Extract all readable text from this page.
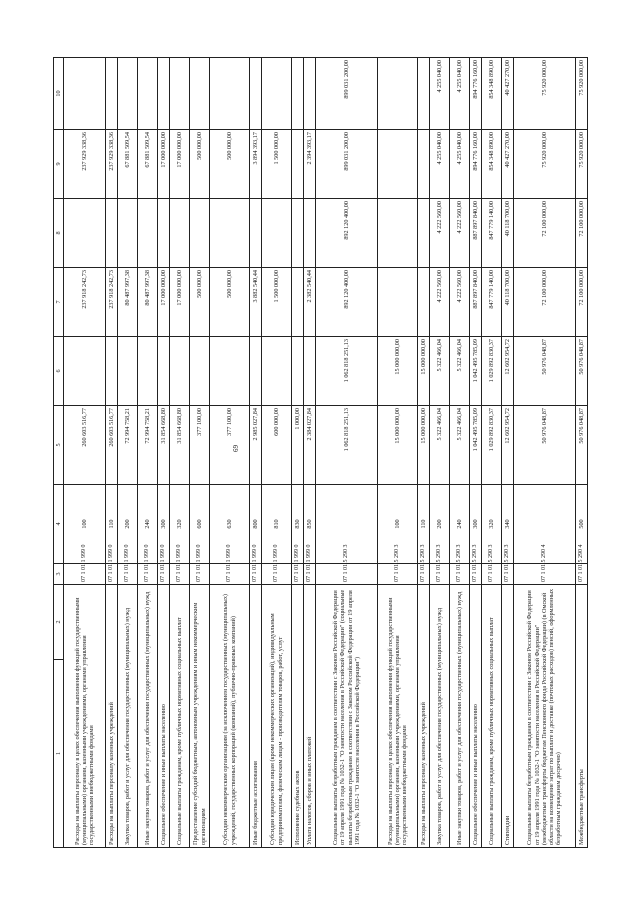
69
1	2	3	4	5	6	7	8	9	10
Расходы на выплаты персоналу в целях обеспечения выполнения функций государственными (муниципальными) органами, казенными учреждениями, органами управления государственными внебюджетными фондами		07 1 01 1 999 0	100	260 603 516,77		237 918 242,73		237 929 338,36	
Расходы на выплаты персоналу казенных учреждений		07 1 01 1 999 0	110	260 603 516,77		237 918 242,73		237 929 338,36	
Закупка товаров, работ и услуг для обеспечения государственных (муниципальных) нужд		07 1 01 1 999 0	200	72 994 758,21		80 487 997,38		67 881 509,54	
Иные закупки товаров, работ и услуг для обеспечения государственных (муниципальных) нужд		07 1 01 1 999 0	240	72 994 758,21		80 487 997,38		67 881 509,54	
Социальное обеспечение и иные выплаты населению		07 1 01 1 999 0	300	31 854 668,80		17 000 000,00		17 000 000,00	
Социальные выплаты гражданам, кроме публичных нормативных социальных выплат		07 1 01 1 999 0	320	31 854 668,80		17 000 000,00		17 000 000,00	
Предоставление субсидий бюджетным, автономным учреждениям и иным некоммерческим организациям		07 1 01 1 999 0	600	377 100,00		500 000,00		500 000,00	
Субсидии некоммерческим организациям (за исключением государственных (муниципальных) учреждений, государственных корпораций (компаний), публично-правовых компаний)		07 1 01 1 999 0	630	377 100,00		500 000,00		500 000,00	
Иные бюджетные ассигнования		07 1 01 1 999 0	800	2 985 027,84		3 882 540,44		3 894 393,17	
Субсидии юридическим лицам (кроме некоммерческих организаций), индивидуальным предпринимателям, физическим лицам - производителям товаров, работ, услуг		07 1 01 1 999 0	810	600 000,00		1 500 000,00		1 500 000,00	
Исполнение судебных актов		07 1 01 1 999 0	830	1 000,00					
Уплата налогов, сборов и иных платежей		07 1 01 1 999 0	850	2 384 027,84		2 382 540,44		2 394 393,17	
Социальные выплаты безработным гражданам в соответствии с Законом Российской Федерации от 19 апреля 1991 года № 1032-1 "О занятости населения в Российской Федерации" (социальные выплаты безработным гражданам в соответствии с Законом Российской Федерации от 19 апреля 1991 года № 1032-1 "О занятости населения в Российской Федерации")		07 1 01 5 290 3		1 062 818 251,13	1 062 818 251,13	892 120 400,00	892 120 400,00	899 031 200,00	899 031 200,00
Расходы на выплаты персоналу в целях обеспечения выполнения функций государственными (муниципальными) органами, казенными учреждениями, органами управления государственными внебюджетными фондами		07 1 01 5 290 3	100	15 000 000,00	15 000 000,00				
Расходы на выплаты персоналу казенных учреждений		07 1 01 5 290 3	110	15 000 000,00	15 000 000,00				
Закупка товаров, работ и услуг для обеспечения государственных (муниципальных) нужд		07 1 01 5 290 3	200	5 322 466,04	5 322 466,04	4 222 560,00	4 222 560,00	4 255 040,00	4 255 040,00
Иные закупки товаров, работ и услуг для обеспечения государственных (муниципальных) нужд		07 1 01 5 290 3	240	5 322 466,04	5 322 466,04	4 222 560,00	4 222 560,00	4 255 040,00	4 255 040,00
Социальное обеспечение и иные выплаты населению		07 1 01 5 290 3	300	1 042 495 785,09	1 042 495 785,09	887 897 840,00	887 897 840,00	894 776 160,00	894 776 160,00
Социальные выплаты гражданам, кроме публичных нормативных социальных выплат		07 1 01 5 290 3	320	1 029 892 830,37	1 029 892 830,37	847 779 140,00	847 779 140,00	854 348 890,00	854 348 890,00
Стипендии		07 1 01 5 290 3	340	12 602 954,72	12 602 954,72	40 118 700,00	40 118 700,00	40 427 270,00	40 427 270,00
Социальные выплаты безработным гражданам в соответствии с Законом Российской Федерации от 19 апреля 1991 года № 1032-1 "О занятости населения в Российской Федерации" (межбюджетные трансферты бюджетам Пенсионного фонда Российской Федерации) (в Омской области на возмещение затрат по выплате и доставке (почтовых расходов) пенсий, оформленных безработным гражданам досрочно)		07 1 01 5 290 4		50 976 048,87	50 976 048,87	72 100 000,00	72 100 000,00	75 920 000,00	75 920 000,00
Межбюджетные трансферты		07 1 01 5 290 4	500	50 976 048,87	50 976 048,87	72 100 000,00	72 100 000,00	75 920 000,00	75 920 000,00
